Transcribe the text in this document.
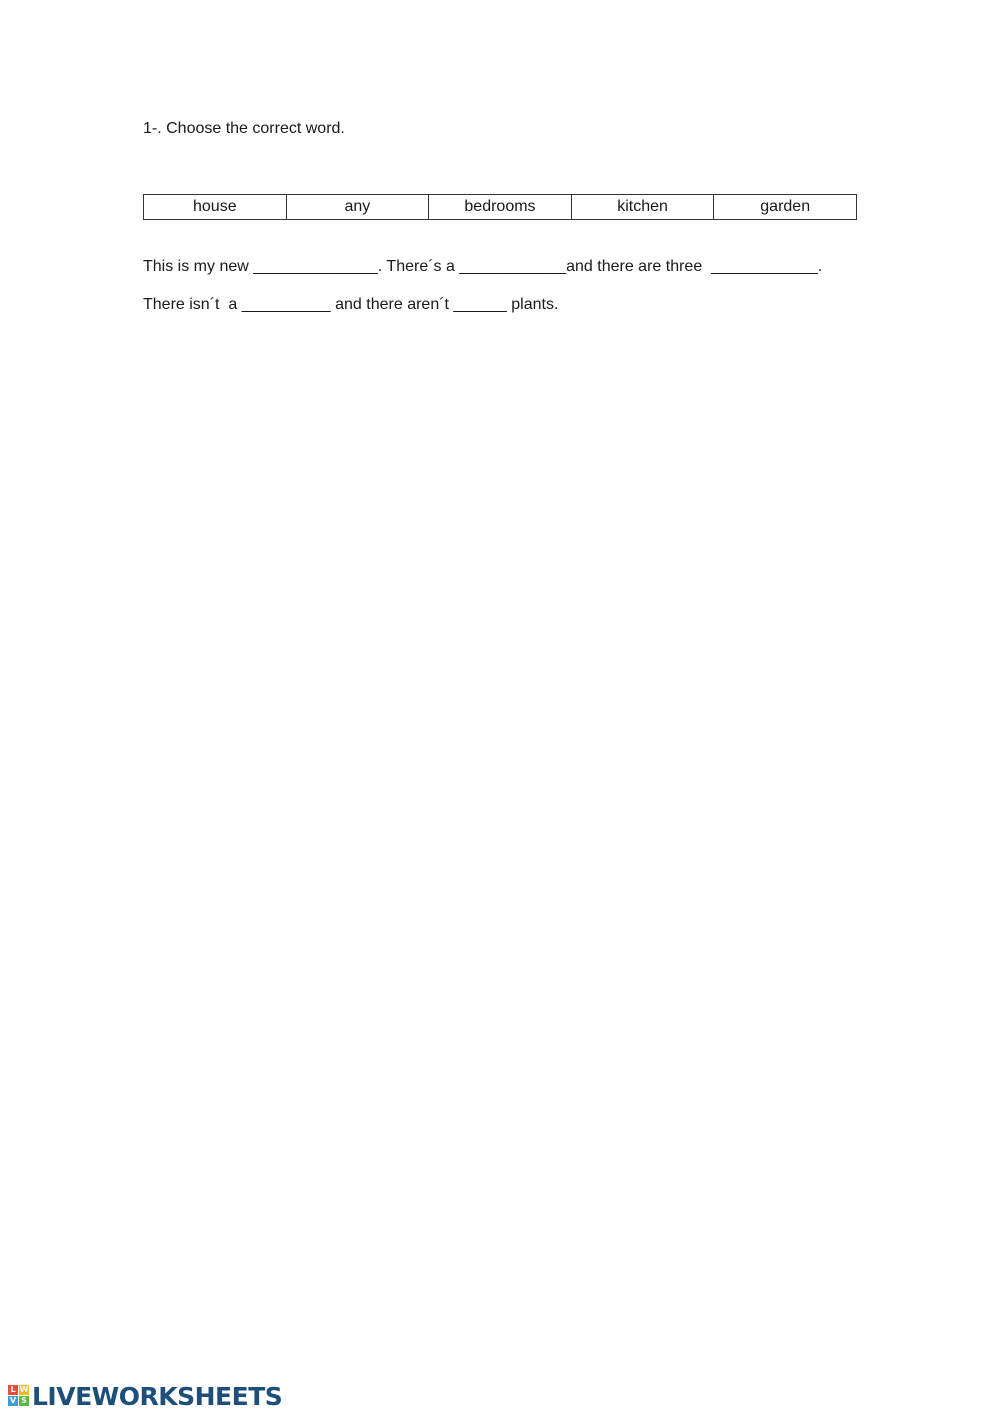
1-. Choose the correct word.
house	any	bedrooms	kitchen	garden
This is my new ______________. There´s a ____________and there are three  ____________.
There isn´t  a __________ and there aren´t ______ plants.
L W
V S LIVEWORKSHEETS
